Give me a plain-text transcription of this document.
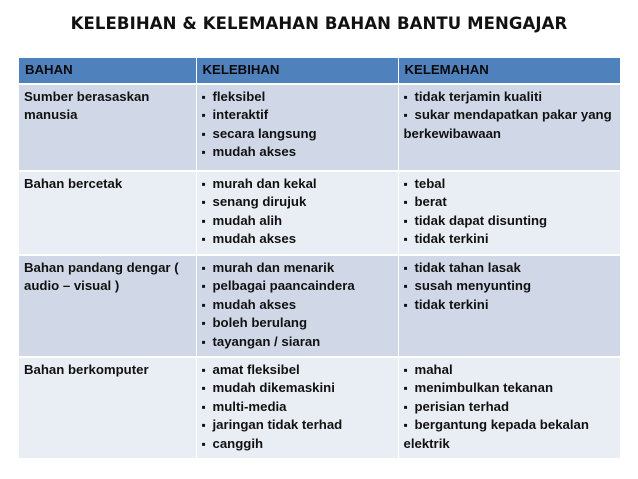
KELEBIHAN & KELEMAHAN BAHAN BANTU MENGAJAR
BAHAN	KELEBIHAN	KELEMAHAN
Sumber berasaskan manusia	▪ fleksibel
▪ interaktif
▪ secara langsung
▪ mudah akses	▪ tidak terjamin kualiti
▪ sukar mendapatkan pakar yang berkewibawaan

Bahan bercetak	▪ murah dan kekal
▪ senang dirujuk
▪ mudah alih
▪ mudah akses	▪ tebal
▪ berat
▪ tidak dapat disunting
▪ tidak terkini

Bahan pandang dengar ( audio – visual )	▪ murah dan menarik
▪ pelbagai paancaindera
▪ mudah akses
▪ boleh berulang
▪ tayangan / siaran	▪ tidak tahan lasak
▪ susah menyunting
▪ tidak terkini

Bahan berkomputer	▪ amat fleksibel
▪ mudah dikemaskini
▪ multi-media
▪ jaringan tidak terhad
▪ canggih	▪ mahal
▪ menimbulkan tekanan
▪ perisian terhad
▪ bergantung kepada bekalan elektrik
